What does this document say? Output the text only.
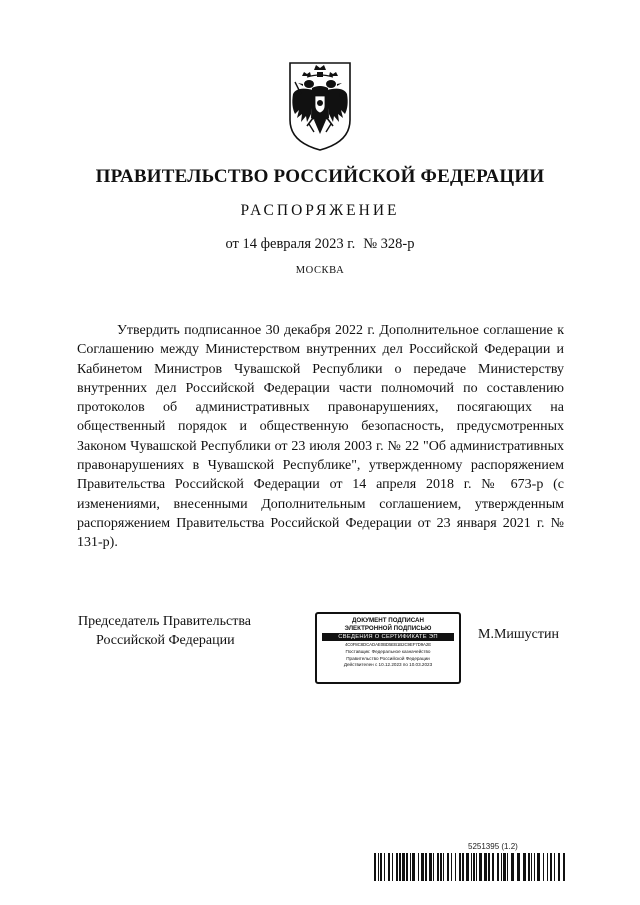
ПРАВИТЕЛЬСТВО РОССИЙСКОЙ ФЕДЕРАЦИИ
РАСПОРЯЖЕНИЕ
от 14 февраля 2023 г. № 328-р
МОСКВА

Утвердить подписанное 30 декабря 2022 г. Дополнительное соглашение к Соглашению между Министерством внутренних дел Российской Федерации и Кабинетом Министров Чувашской Республики о передаче Министерству внутренних дел Российской Федерации части полномочий по составлению протоколов об административных правонарушениях, посягающих на общественный порядок и общественную безопасность, предусмотренных Законом Чувашской Республики от 23 июля 2003 г. № 22 "Об административных правонарушениях в Чувашской Республике", утвержденному распоряжением Правительства Российской Федерации от 14 апреля 2018 г. № 673-р (с изменениями, внесенными Дополнительным соглашением, утвержденным распоряжением Правительства Российской Федерации от 23 января 2021 г. № 131-р).

Председатель Правительства
Российской Федерации
ДОКУМЕНТ ПОДПИСАН
ЭЛЕКТРОННОЙ ПОДПИСЬЮ
СВЕДЕНИЯ О СЕРТИФИКАТЕ ЭП
4C0F8C8DCADAE0BD5EB1B2C9EF7D9A2E
Поставщик: Федеральное казначейство
Правительство Российской Федерации
Действителен с 10.12.2023 по 10.03.2023
М.Мишустин
5251395 (1.2)
